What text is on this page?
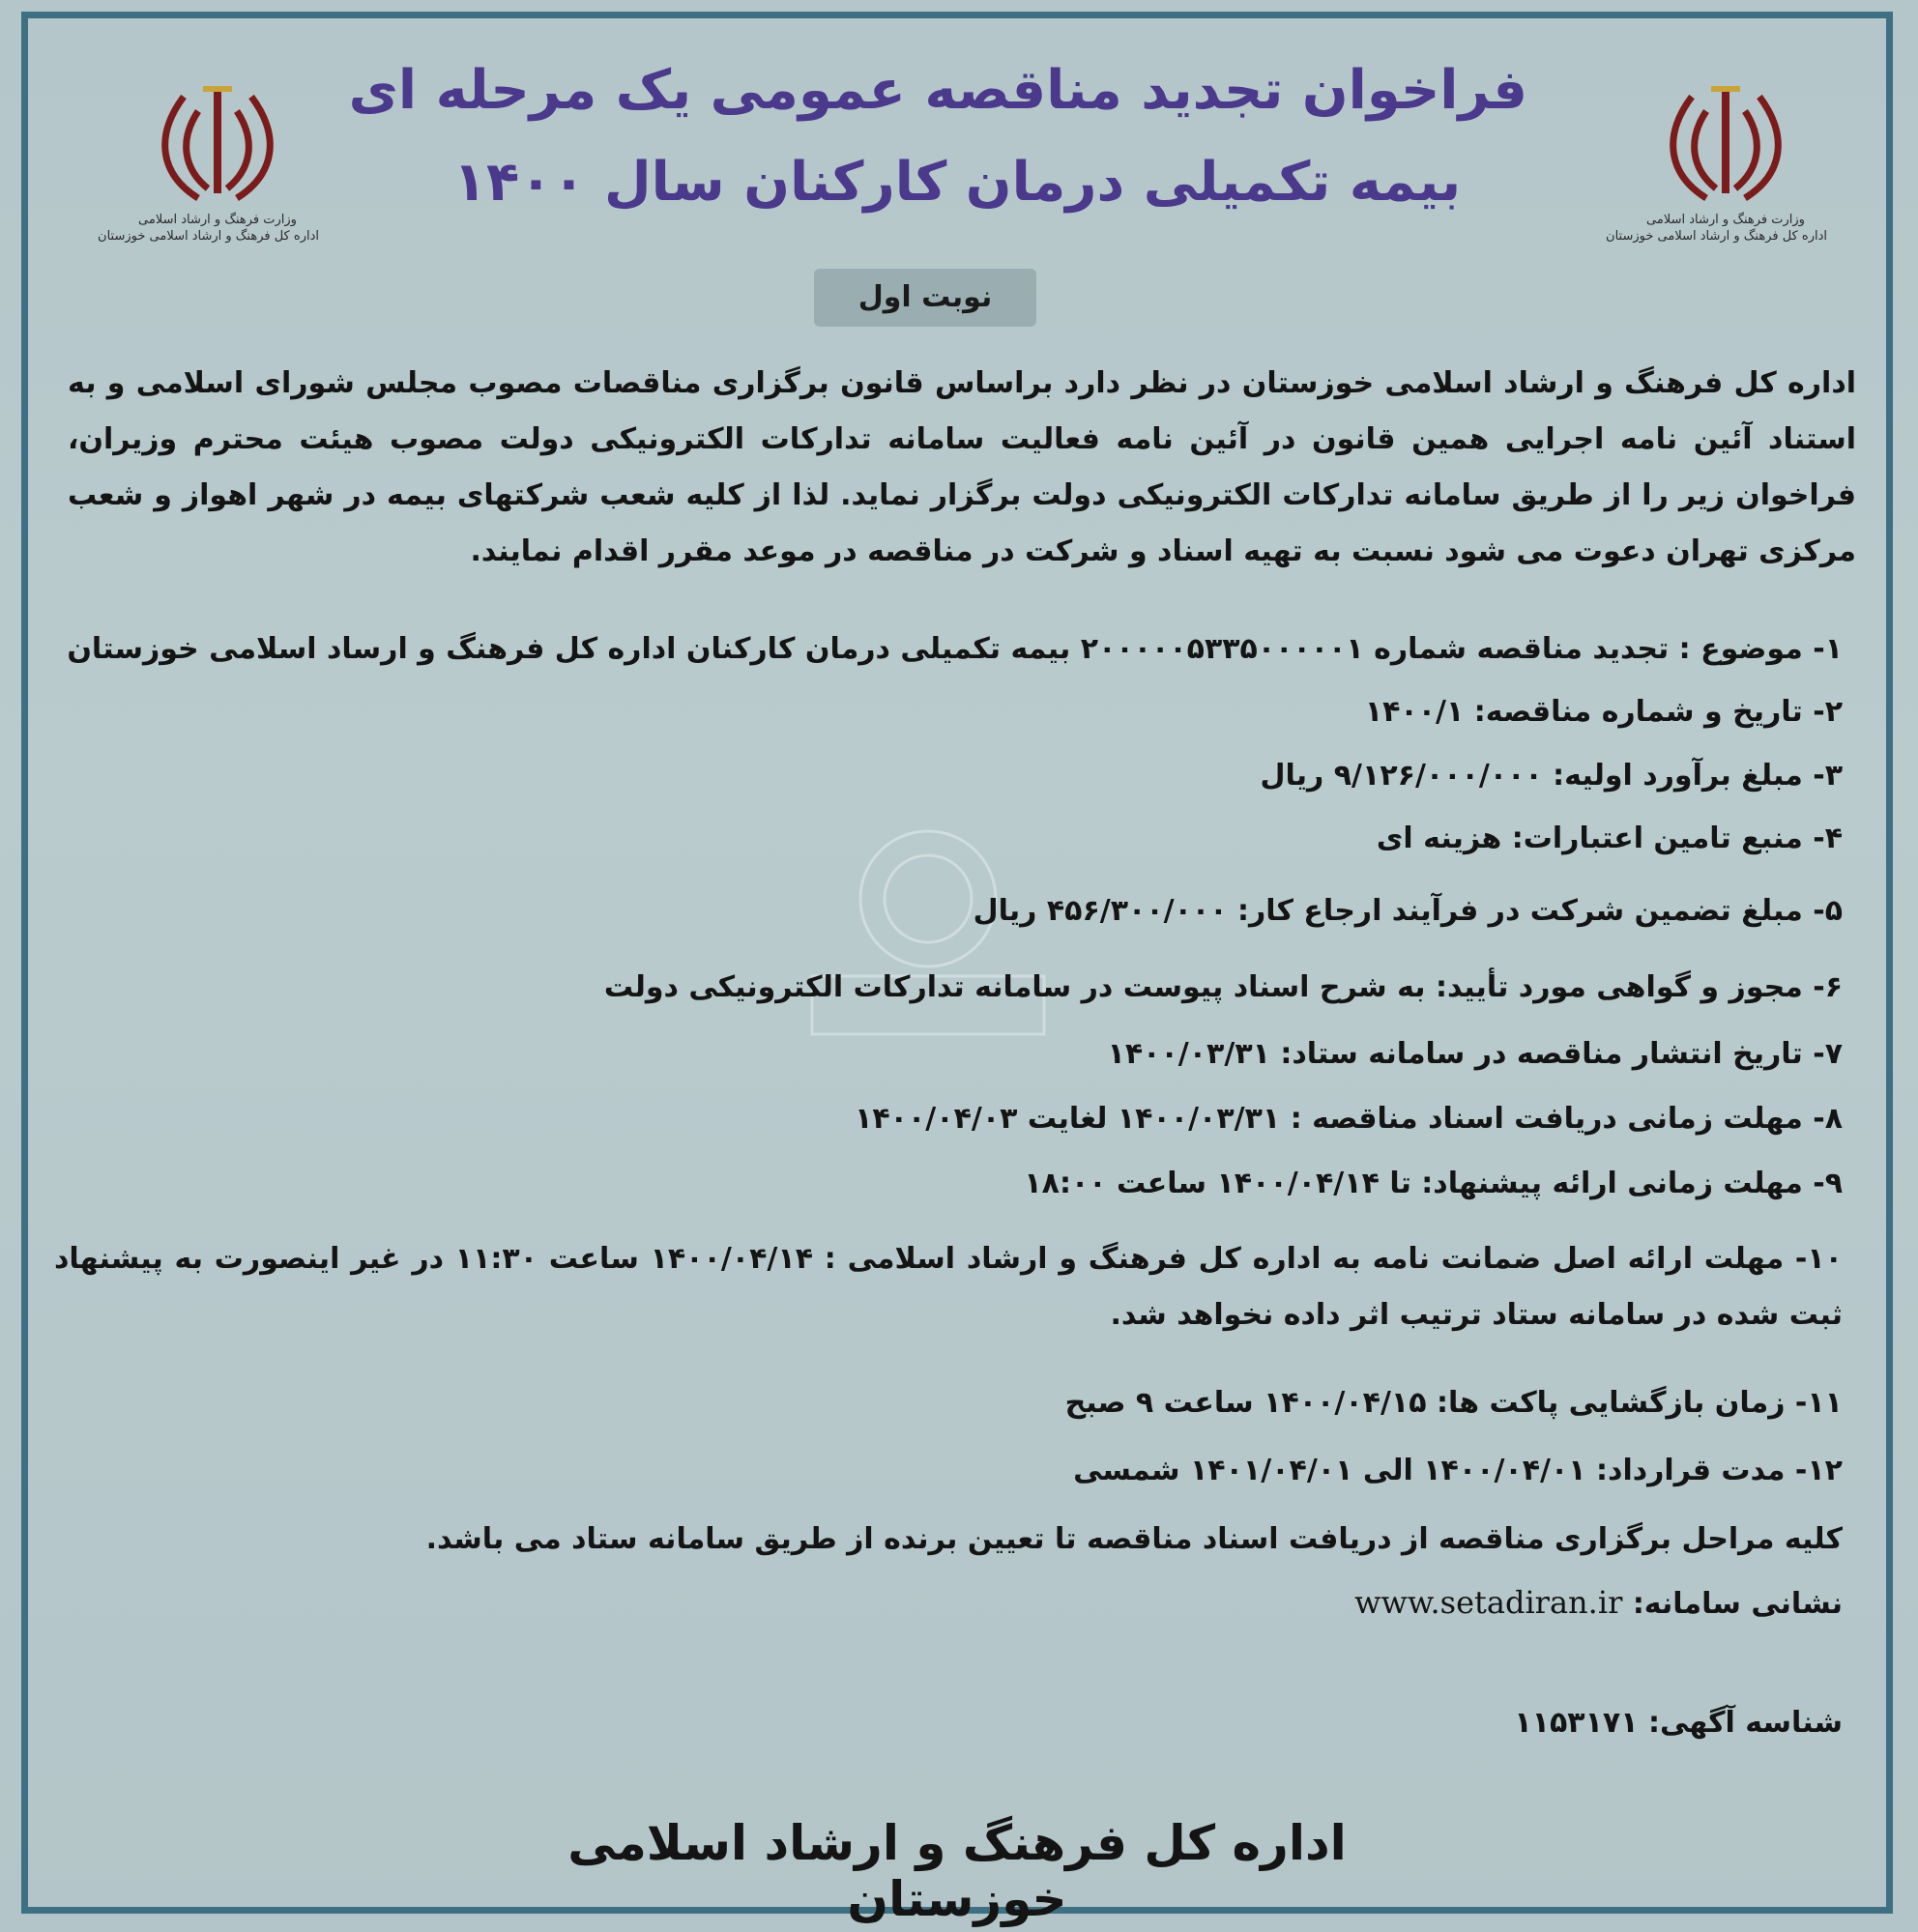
وزارت فرهنگ و ارشاد اسلامی
اداره کل فرهنگ و ارشاد اسلامی خوزستان
وزارت فرهنگ و ارشاد اسلامی
اداره کل فرهنگ و ارشاد اسلامی خوزستان
فراخوان تجدید مناقصه عمومی یک مرحله ای
بیمه تکمیلی درمان کارکنان سال ۱۴۰۰
نوبت اول
اداره کل فرهنگ و ارشاد اسلامی خوزستان در نظر دارد براساس قانون برگزاری مناقصات مصوب مجلس شورای اسلامی و به استناد آئین نامه اجرایی همین قانون در آئین نامه فعالیت سامانه تدارکات الکترونیکی دولت مصوب هیئت محترم وزیران، فراخوان زیر را از طریق سامانه تدارکات الکترونیکی دولت برگزار نماید. لذا از کلیه شعب شرکتهای بیمه در شهر اهواز و شعب مرکزی تهران دعوت می شود نسبت به تهیه اسناد و شرکت در مناقصه در موعد مقرر اقدام نمایند.
۱- موضوع : تجدید مناقصه شماره ۲۰۰۰۰۰۵۳۳۵۰۰۰۰۰۱ بیمه تکمیلی درمان کارکنان اداره کل فرهنگ و ارساد اسلامی خوزستان
۲- تاریخ و شماره مناقصه: ۱۴۰۰/۱
۳- مبلغ برآورد اولیه: ۹/۱۲۶/۰۰۰/۰۰۰ ریال
۴- منبع تامین اعتبارات: هزینه ای
۵- مبلغ تضمین شرکت در فرآیند ارجاع کار: ۴۵۶/۳۰۰/۰۰۰ ریال
۶- مجوز و گواهی مورد تأیید: به شرح اسناد پیوست در سامانه تدارکات الکترونیکی دولت
۷- تاریخ انتشار مناقصه در سامانه ستاد: ۱۴۰۰/۰۳/۳۱
۸- مهلت زمانی دریافت اسناد مناقصه : ۱۴۰۰/۰۳/۳۱ لغایت ۱۴۰۰/۰۴/۰۳
۹- مهلت زمانی ارائه پیشنهاد: تا ۱۴۰۰/۰۴/۱۴ ساعت ۱۸:۰۰
۱۰- مهلت ارائه اصل ضمانت نامه به اداره کل فرهنگ و ارشاد اسلامی : ۱۴۰۰/۰۴/۱۴ ساعت ۱۱:۳۰ در غیر اینصورت به پیشنهاد ثبت شده در سامانه ستاد ترتیب اثر داده نخواهد شد.
۱۱- زمان بازگشایی پاکت ها: ۱۴۰۰/۰۴/۱۵ ساعت ۹ صبح
۱۲- مدت قرارداد: ۱۴۰۰/۰۴/۰۱ الی ۱۴۰۱/۰۴/۰۱ شمسی
کلیه مراحل برگزاری مناقصه از دریافت اسناد مناقصه تا تعیین برنده از طریق سامانه ستاد می باشد.
نشانی سامانه: www.setadiran.ir
شناسه آگهی: ۱۱۵۳۱۷۱
اداره کل فرهنگ و ارشاد اسلامی خوزستان
